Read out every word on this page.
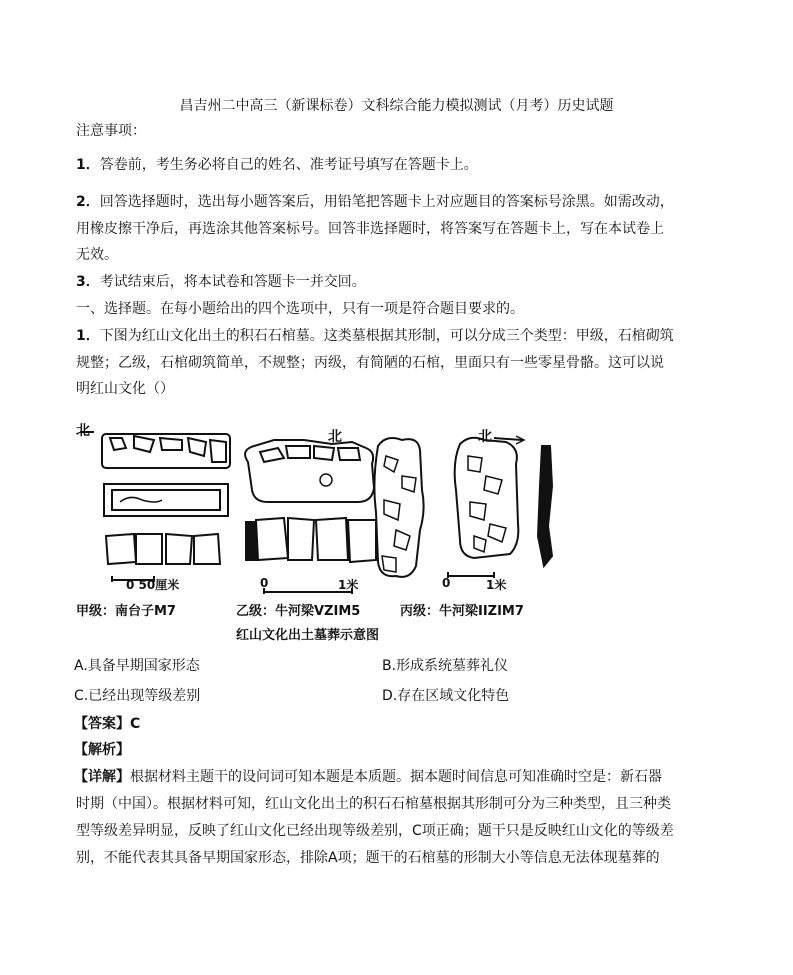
昌吉州二中高三（新课标卷）文科综合能力模拟测试（月考）历史试题
注意事项：
1．答卷前，考生务必将自己的姓名、准考证号填写在答题卡上。
2．回答选择题时，选出每小题答案后，用铅笔把答题卡上对应题目的答案标号涂黑。如需改动，
用橡皮擦干净后，再选涂其他答案标号。回答非选择题时，将答案写在答题卡上，写在本试卷上
无效。
3．考试结束后，将本试卷和答题卡一并交回。
一、选择题。在每小题给出的四个选项中，只有一项是符合题目要求的。
1．下图为红山文化出土的积石石棺墓。这类墓根据其形制，可以分成三个类型：甲级，石棺砌筑
规整；乙级，石棺砌筑简单，不规整；丙级，有简陋的石棺，里面只有一些零星骨骼。这可以说
明红山文化（）
北	北	北
0 50厘米	0	1米	0	1米
甲级：南台子M7	乙级：牛河梁VZIM5	丙级：牛河梁IIZIM7
红山文化出土墓葬示意图
A.具备早期国家形态	B.形成系统墓葬礼仪
C.已经出现等级差别	D.存在区域文化特色
【答案】C
【解析】
【详解】根据材料主题干的设问词可知本题是本质题。据本题时间信息可知准确时空是：新石器
时期（中国）。根据材料可知，红山文化出土的积石石棺墓根据其形制可分为三种类型，且三种类
型等级差异明显，反映了红山文化已经出现等级差别，C项正确；题干只是反映红山文化的等级差
别，不能代表其具备早期国家形态，排除A项；题干的石棺墓的形制大小等信息无法体现墓葬的
